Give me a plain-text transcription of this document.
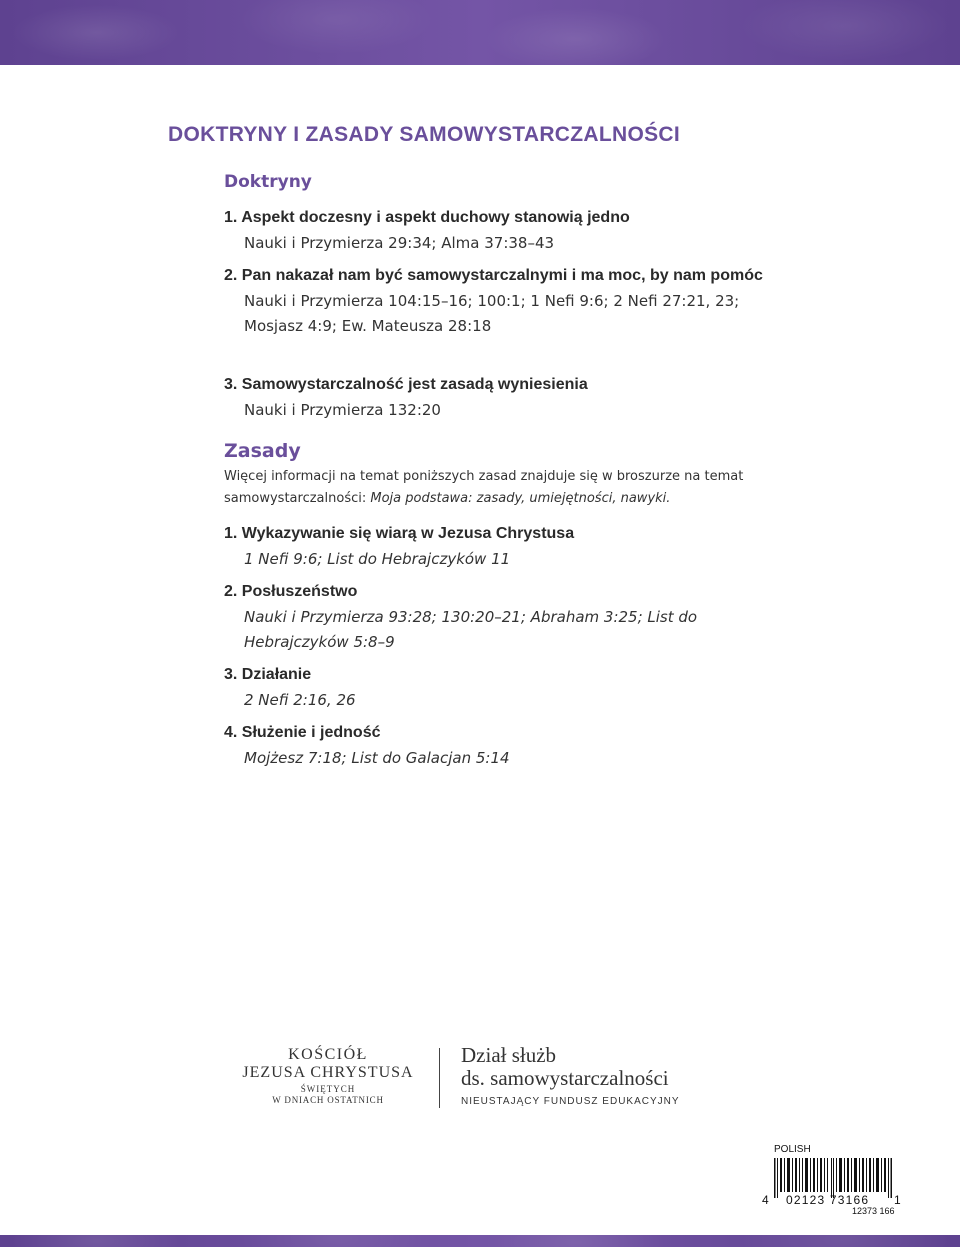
DOKTRYNY I ZASADY SAMOWYSTARCZALNOŚCI
Doktryny

1. Aspekt doczesny i aspekt duchowy stanowią jedno

Nauki i Przymierza 29:34; Alma 37:38–43

2. Pan nakazał nam być samowystarczalnymi i ma moc, by nam pomóc

Nauki i Przymierza 104:15–16; 100:1; 1 Nefi 9:6; 2 Nefi 27:21, 23; Mosjasz 4:9; Ew. Mateusza 28:18

3. Samowystarczalność jest zasadą wyniesienia

Nauki i Przymierza 132:20

Zasady

Więcej informacji na temat poniższych zasad znajduje się w broszurze na temat samowystarczalności: Moja podstawa: zasady, umiejętności, nawyki.

1. Wykazywanie się wiarą w Jezusa Chrystusa

1 Nefi 9:6; List do Hebrajczyków 11

2. Posłuszeństwo

Nauki i Przymierza 93:28; 130:20–21; Abraham 3:25; List do Hebrajczyków 5:8–9

3. Działanie

2 Nefi 2:16, 26

4. Służenie i jedność

Mojżesz 7:18; List do Galacjan 5:14

KOŚCIÓŁ
JEZUSA CHRYSTUSA
ŚWIĘTYCH
W DNIACH OSTATNICH
Dział służb
ds. samowystarczalności
NIEUSTAJĄCY FUNDUSZ EDUKACYJNY
POLISH
4 02123 73166 1
12373 166
